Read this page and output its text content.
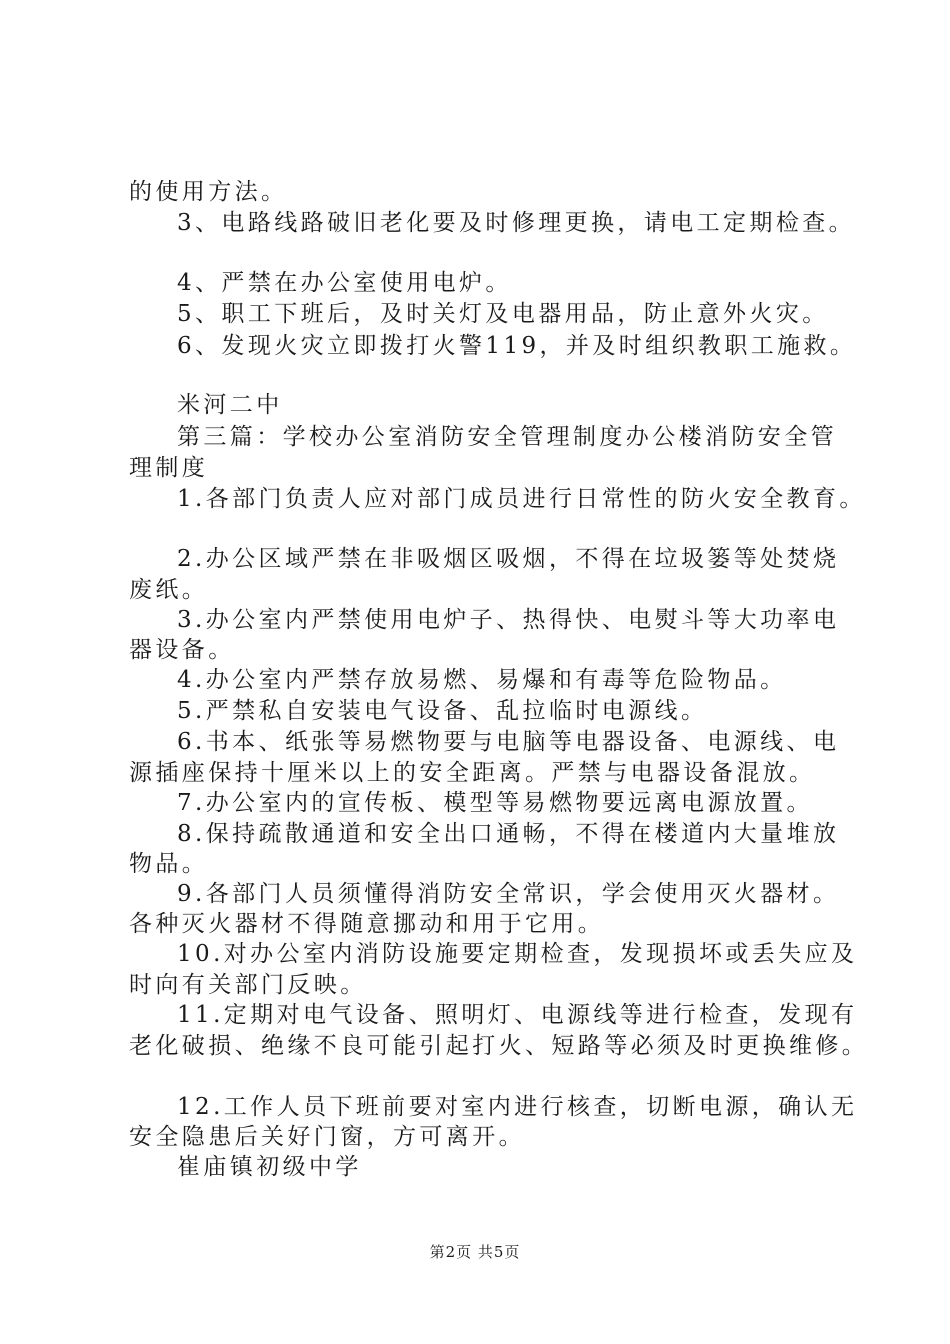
的使用方法。
3、电路线路破旧老化要及时修理更换，请电工定期检查。
4、严禁在办公室使用电炉。
5、职工下班后，及时关灯及电器用品，防止意外火灾。
6、发现火灾立即拨打火警119，并及时组织教职工施救。
米河二中
第三篇：学校办公室消防安全管理制度办公楼消防安全管
理制度
1.各部门负责人应对部门成员进行日常性的防火安全教育。
2.办公区域严禁在非吸烟区吸烟，不得在垃圾篓等处焚烧
废纸。
3.办公室内严禁使用电炉子、热得快、电熨斗等大功率电
器设备。
4.办公室内严禁存放易燃、易爆和有毒等危险物品。
5.严禁私自安装电气设备、乱拉临时电源线。
6.书本、纸张等易燃物要与电脑等电器设备、电源线、电
源插座保持十厘米以上的安全距离。严禁与电器设备混放。
7.办公室内的宣传板、模型等易燃物要远离电源放置。
8.保持疏散通道和安全出口通畅，不得在楼道内大量堆放
物品。
9.各部门人员须懂得消防安全常识，学会使用灭火器材。
各种灭火器材不得随意挪动和用于它用。
10.对办公室内消防设施要定期检查，发现损坏或丢失应及
时向有关部门反映。
11.定期对电气设备、照明灯、电源线等进行检查，发现有
老化破损、绝缘不良可能引起打火、短路等必须及时更换维修。
12.工作人员下班前要对室内进行核查，切断电源，确认无
安全隐患后关好门窗，方可离开。
崔庙镇初级中学
第2页 共5页
